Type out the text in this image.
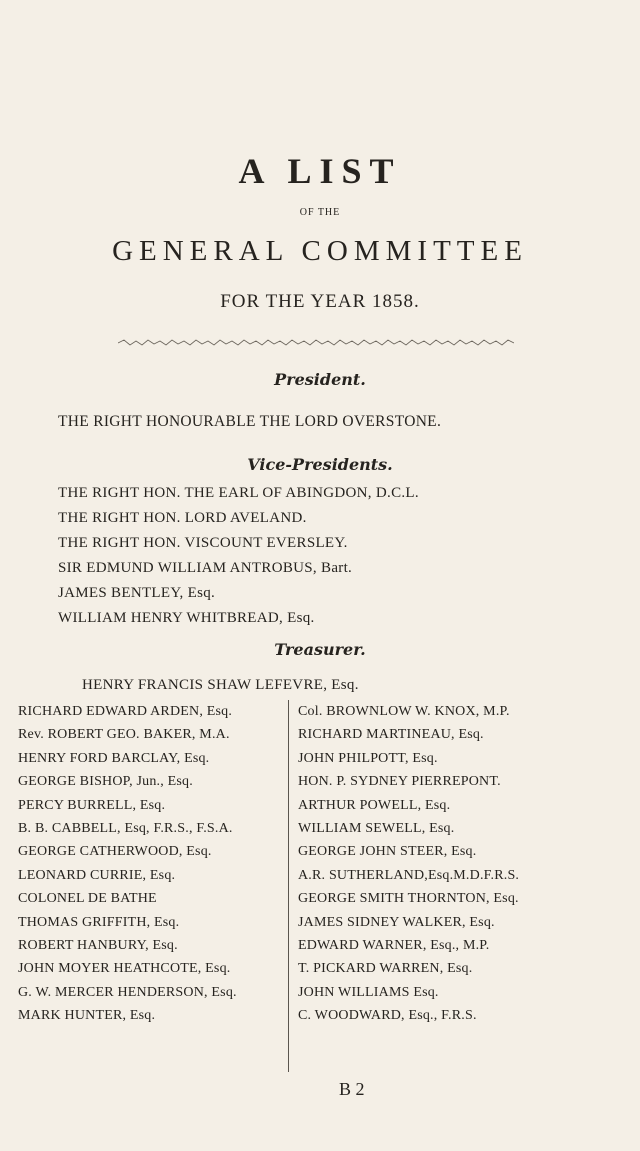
A LIST
OF THE
GENERAL COMMITTEE
FOR THE YEAR 1858.
President.
THE RIGHT HONOURABLE THE LORD OVERSTONE.
Vice-Presidents.
THE RIGHT HON. THE EARL OF ABINGDON, D.C.L.
THE RIGHT HON. LORD AVELAND.
THE RIGHT HON. VISCOUNT EVERSLEY.
SIR EDMUND WILLIAM ANTROBUS, Bart.
JAMES BENTLEY, Esq.
WILLIAM HENRY WHITBREAD, Esq.
Treasurer.
HENRY FRANCIS SHAW LEFEVRE, Esq.
RICHARD EDWARD ARDEN, Esq.
Rev. ROBERT GEO. BAKER, M.A.
HENRY FORD BARCLAY, Esq.
GEORGE BISHOP, Jun., Esq.
PERCY BURRELL, Esq.
B. B. CABBELL, Esq, F.R.S., F.S.A.
GEORGE CATHERWOOD, Esq.
LEONARD CURRIE, Esq.
COLONEL DE BATHE
THOMAS GRIFFITH, Esq.
ROBERT HANBURY, Esq.
JOHN MOYER HEATHCOTE, Esq.
G. W. MERCER HENDERSON, Esq.
MARK HUNTER, Esq.
Col. BROWNLOW W. KNOX, M.P.
RICHARD MARTINEAU, Esq.
JOHN PHILPOTT, Esq.
HON. P. SYDNEY PIERREPONT.
ARTHUR POWELL, Esq.
WILLIAM SEWELL, Esq.
GEORGE JOHN STEER, Esq.
A.R. SUTHERLAND,Esq.M.D.F.R.S.
GEORGE SMITH THORNTON, Esq.
JAMES SIDNEY WALKER, Esq.
EDWARD WARNER, Esq., M.P.
T. PICKARD WARREN, Esq.
JOHN WILLIAMS Esq.
C. WOODWARD, Esq., F.R.S.
B 2
